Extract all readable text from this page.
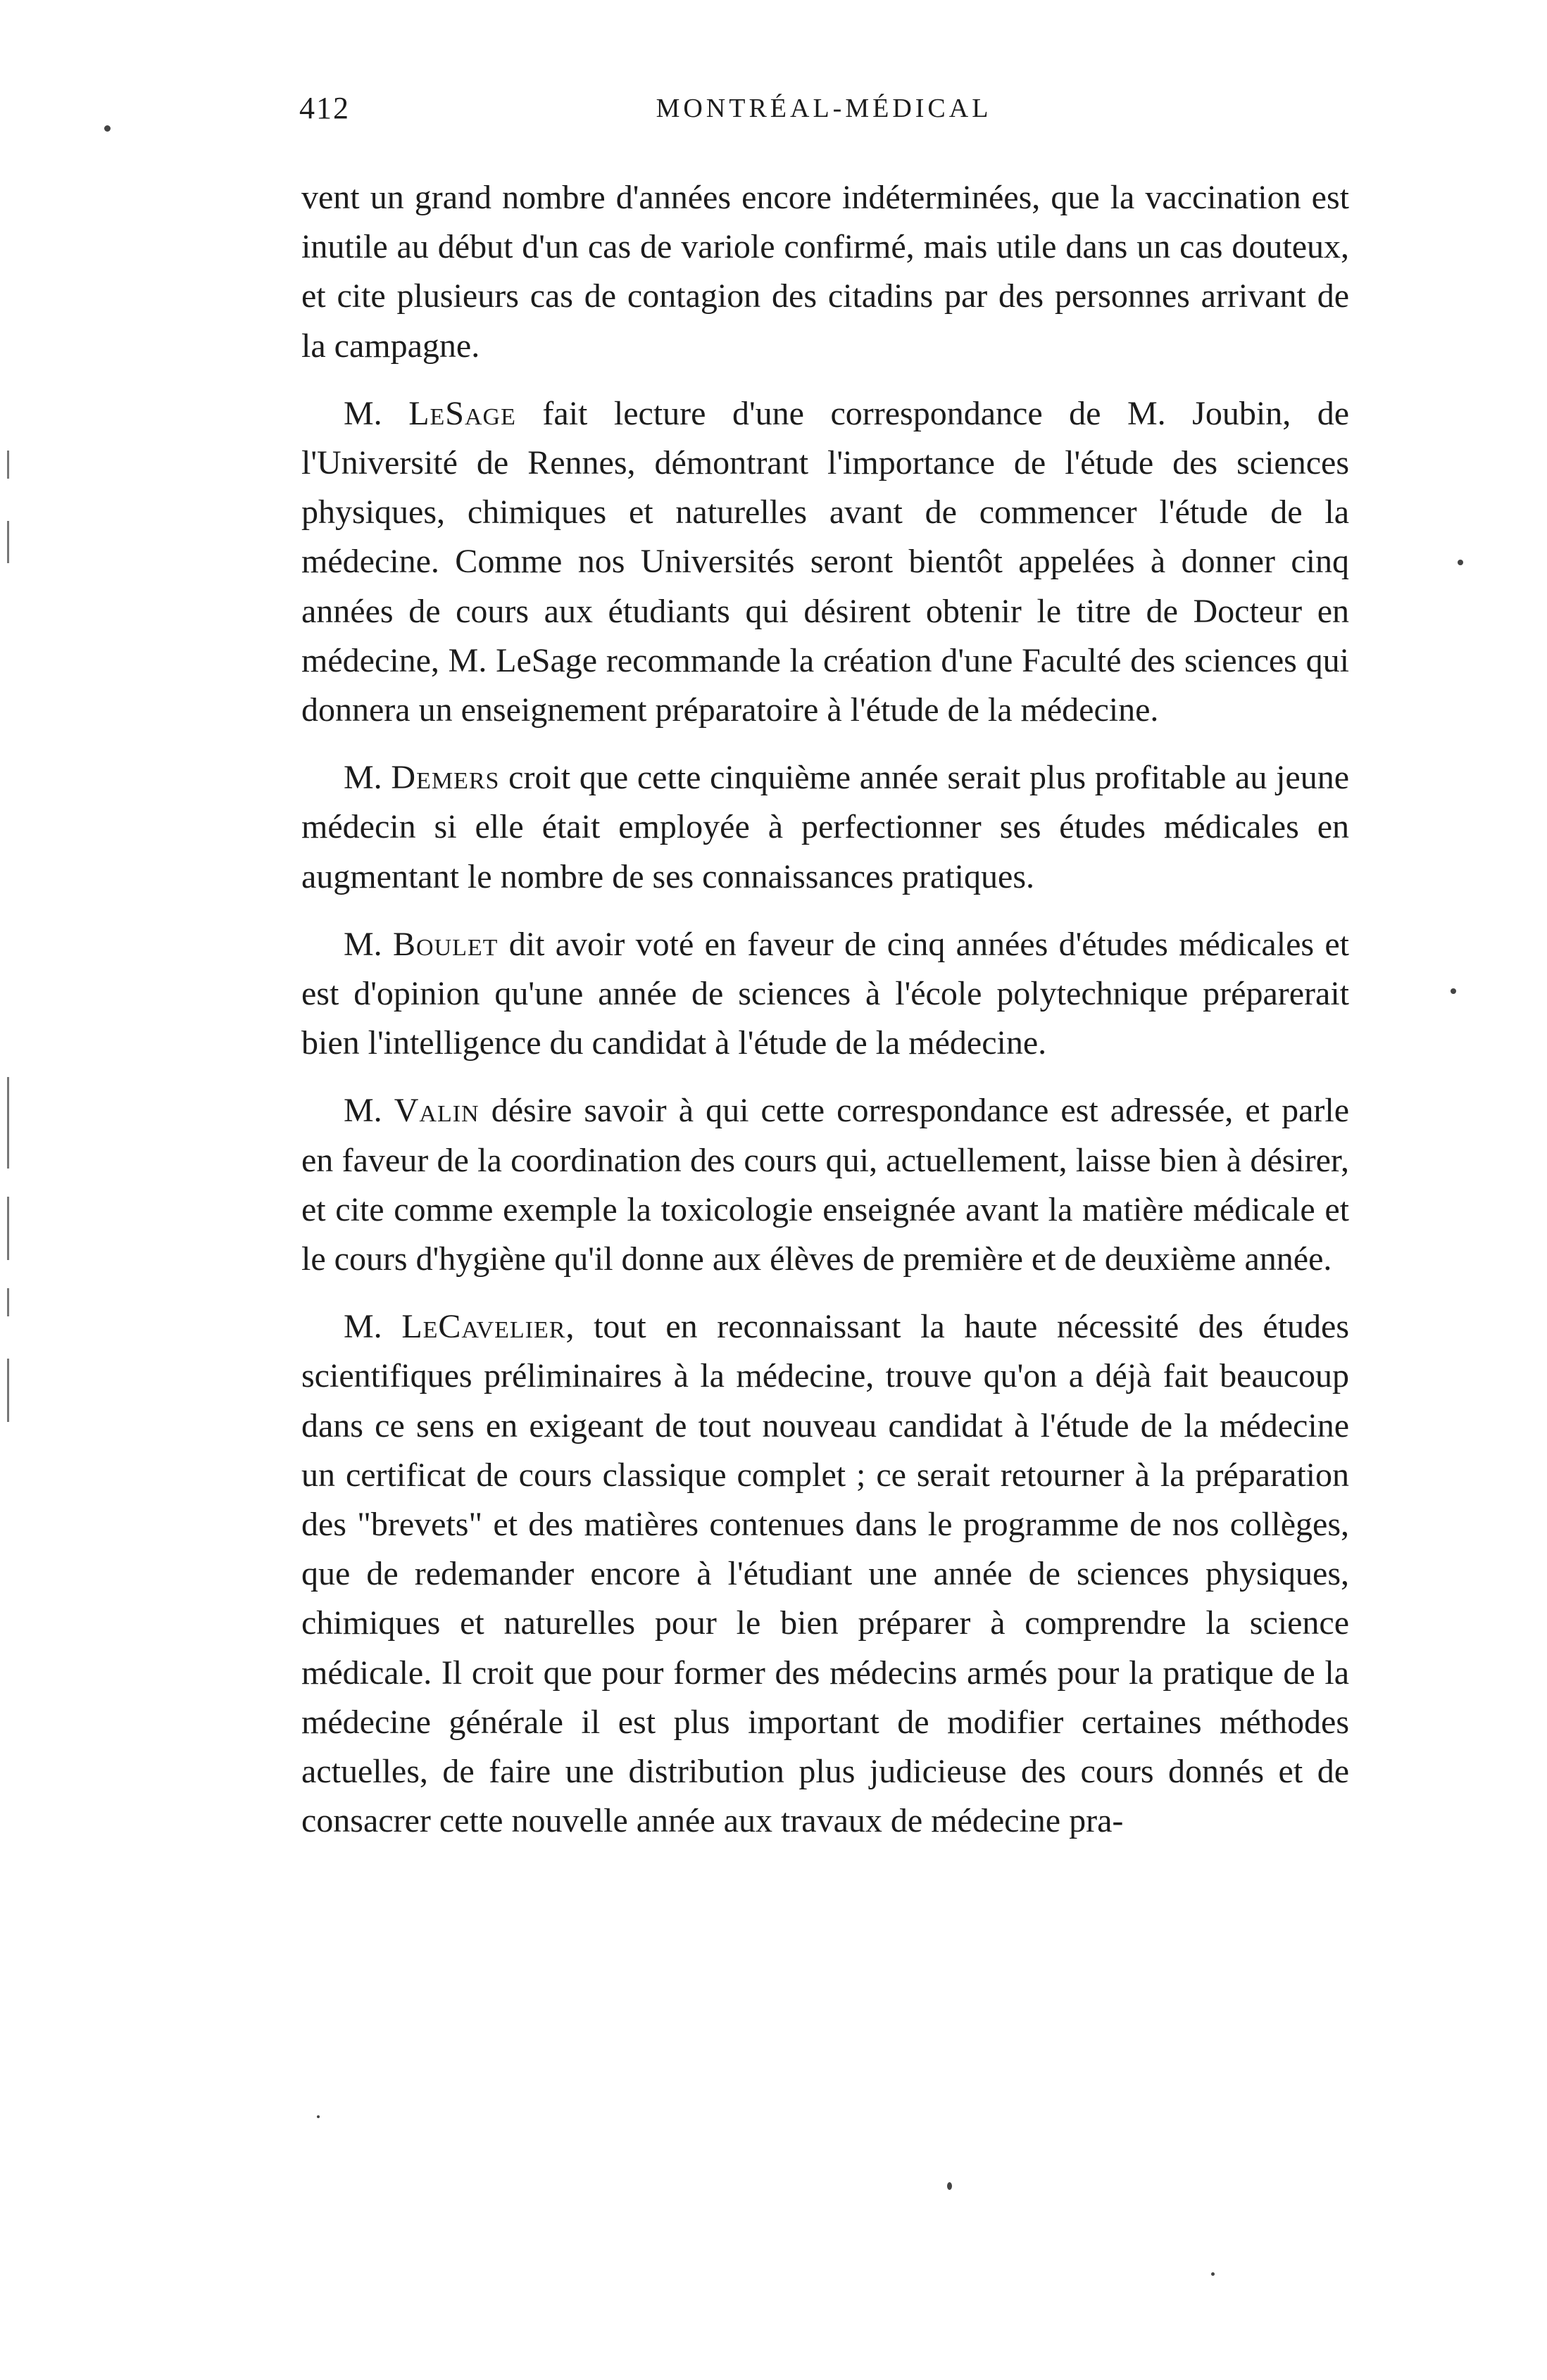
412	MONTRÉAL-MÉDICAL

vent un grand nombre d'années encore indéterminées, que la vaccination est inutile au début d'un cas de variole confirmé, mais utile dans un cas douteux, et cite plusieurs cas de contagion des citadins par des personnes arrivant de la campagne.

M. LeSage fait lecture d'une correspondance de M. Joubin, de l'Université de Rennes, démontrant l'importance de l'étude des sciences physiques, chimiques et naturelles avant de commencer l'étude de la médecine. Comme nos Universités seront bientôt appelées à donner cinq années de cours aux étudiants qui désirent obtenir le titre de Docteur en médecine, M. LeSage recommande la création d'une Faculté des sciences qui donnera un enseignement préparatoire à l'étude de la médecine.

M. Demers croit que cette cinquième année serait plus profitable au jeune médecin si elle était employée à perfectionner ses études médicales en augmentant le nombre de ses connaissances pratiques.

M. Boulet dit avoir voté en faveur de cinq années d'études médicales et est d'opinion qu'une année de sciences à l'école polytechnique préparerait bien l'intelligence du candidat à l'étude de la médecine.

M. Valin désire savoir à qui cette correspondance est adressée, et parle en faveur de la coordination des cours qui, actuellement, laisse bien à désirer, et cite comme exemple la toxicologie enseignée avant la matière médicale et le cours d'hygiène qu'il donne aux élèves de première et de deuxième année.

M. LeCavelier, tout en reconnaissant la haute nécessité des études scientifiques préliminaires à la médecine, trouve qu'on a déjà fait beaucoup dans ce sens en exigeant de tout nouveau candidat à l'étude de la médecine un certificat de cours classique complet ; ce serait retourner à la préparation des "brevets" et des matières contenues dans le programme de nos collèges, que de redemander encore à l'étudiant une année de sciences physiques, chimiques et naturelles pour le bien préparer à comprendre la science médicale. Il croit que pour former des médecins armés pour la pratique de la médecine générale il est plus important de modifier certaines méthodes actuelles, de faire une distribution plus judicieuse des cours donnés et de consacrer cette nouvelle année aux travaux de médecine pra-
